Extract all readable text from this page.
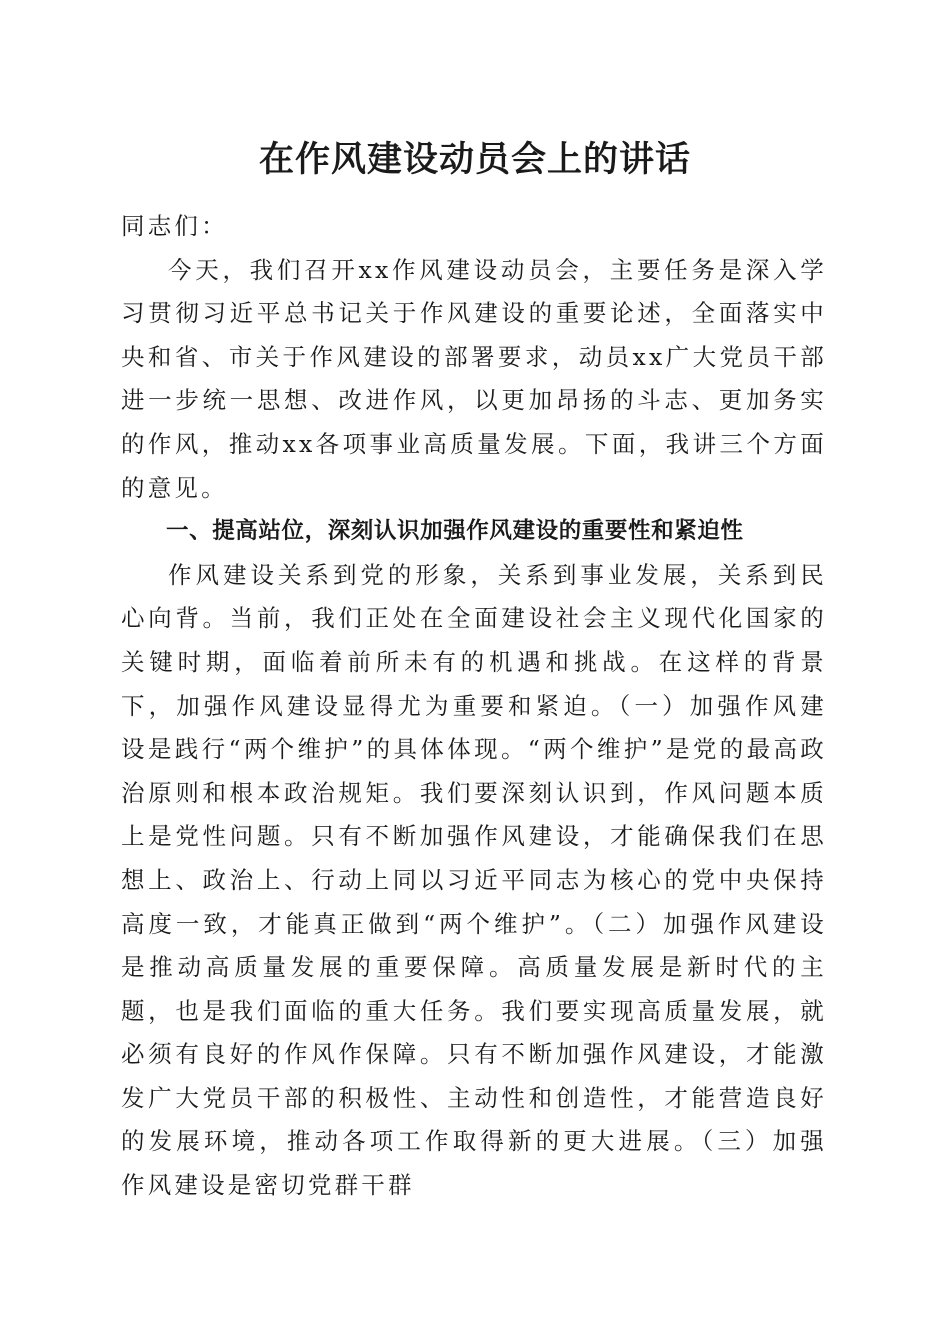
在作风建设动员会上的讲话

同志们：

今天，我们召开xx作风建设动员会，主要任务是深入学习贯彻习近平总书记关于作风建设的重要论述，全面落实中央和省、市关于作风建设的部署要求，动员xx广大党员干部进一步统一思想、改进作风，以更加昂扬的斗志、更加务实的作风，推动xx各项事业高质量发展。下面，我讲三个方面的意见。

一、提高站位，深刻认识加强作风建设的重要性和紧迫性

作风建设关系到党的形象，关系到事业发展，关系到民心向背。当前，我们正处在全面建设社会主义现代化国家的关键时期，面临着前所未有的机遇和挑战。在这样的背景下，加强作风建设显得尤为重要和紧迫。（一）加强作风建设是践行“两个维护”的具体体现。“两个维护”是党的最高政治原则和根本政治规矩。我们要深刻认识到，作风问题本质上是党性问题。只有不断加强作风建设，才能确保我们在思想上、政治上、行动上同以习近平同志为核心的党中央保持高度一致，才能真正做到“两个维护”。（二）加强作风建设是推动高质量发展的重要保障。高质量发展是新时代的主题，也是我们面临的重大任务。我们要实现高质量发展，就必须有良好的作风作保障。只有不断加强作风建设，才能激发广大党员干部的积极性、主动性和创造性，才能营造良好的发展环境，推动各项工作取得新的更大进展。（三）加强作风建设是密切党群干群
